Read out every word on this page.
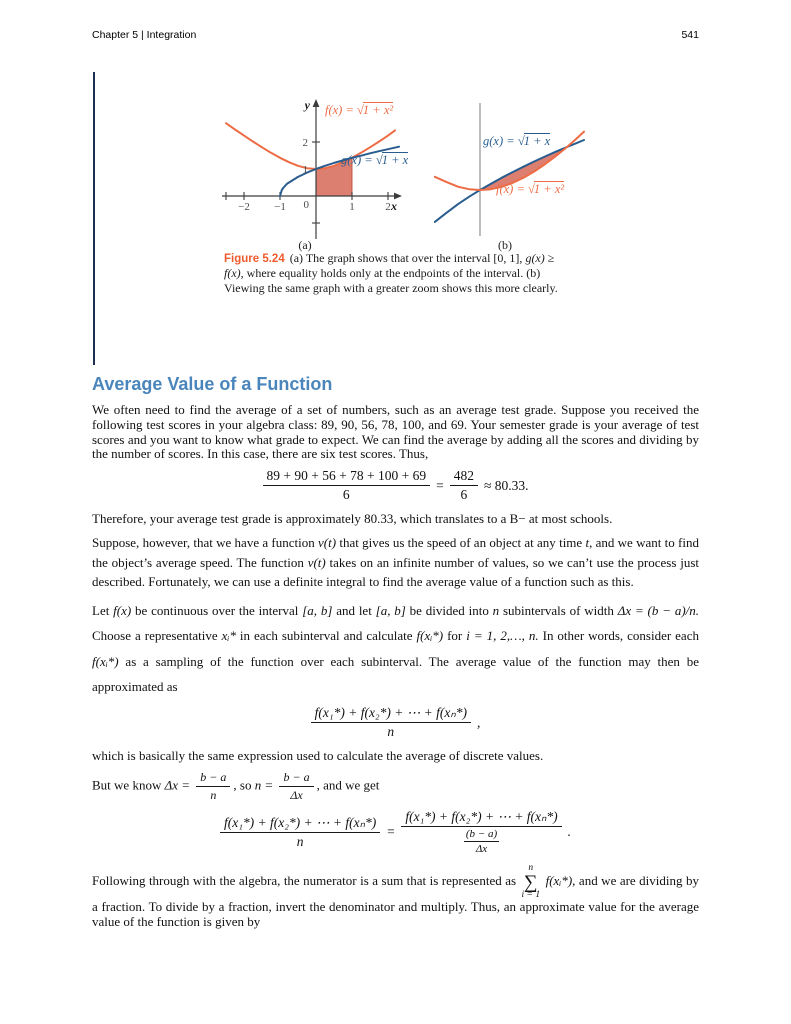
Chapter 5 | Integration	541
−2 −1 0	1	2
1
2
y
x
f(x) = √1 + x²
g(x) = √1 + x
g(x) = √1 + x
f(x) = √1 + x²
(a)	(b)

Figure 5.24 (a) The graph shows that over the interval [0, 1], g(x) ≥ f(x), where equality holds only at the endpoints of the interval. (b) Viewing the same graph with a greater zoom shows this more clearly.

Average Value of a Function

We often need to find the average of a set of numbers, such as an average test grade. Suppose you received the following test scores in your algebra class: 89, 90, 56, 78, 100, and 69. Your semester grade is your average of test scores and you want to know what grade to expect. We can find the average by adding all the scores and dividing by the number of scores. In this case, there are six test scores. Thus,

$\frac{89 + 90 + 56 + 78 + 100 + 69}{6} = \frac{482}{6} \approx 80.33$.

Therefore, your average test grade is approximately 80.33, which translates to a B− at most schools.

Suppose, however, that we have a function v(t) that gives us the speed of an object at any time t, and we want to find the object’s average speed. The function v(t) takes on an infinite number of values, so we can’t use the process just described. Fortunately, we can use a definite integral to find the average value of a function such as this.

Let f(x) be continuous over the interval [a, b] and let [a, b] be divided into n subintervals of width Δx = (b − a)/n. Choose a representative xᵢ* in each subinterval and calculate f(xᵢ*) for i = 1, 2,…, n. In other words, consider each f(xᵢ*) as a sampling of the function over each subinterval. The average value of the function may then be approximated as

$\frac{\text{f(x₁*) + f(x₂*) + ⋯ + f(xₙ*)}}{n}$ ,

which is basically the same expression used to calculate the average of discrete values.

But we know $\Delta x = \frac{b - a}{n}$ , so $n = \frac{b - a}{\Delta x}$ , and we get

$\frac{\text{f(x₁*) + f(x₂*) + ⋯ + f(xₙ*)}}{n} = \frac{\text{f(x₁*) + f(x₂*) + ⋯ + f(xₙ*)}}{\frac{(b - a)}{\Delta x}}$ .

Following through with the algebra, the numerator is a sum that is represented as
n
∑
i = 1
f(xᵢ*), and we are dividing by a fraction. To divide by a fraction, invert the denominator and multiply. Thus, an approximate value for the average value of the function is given by
